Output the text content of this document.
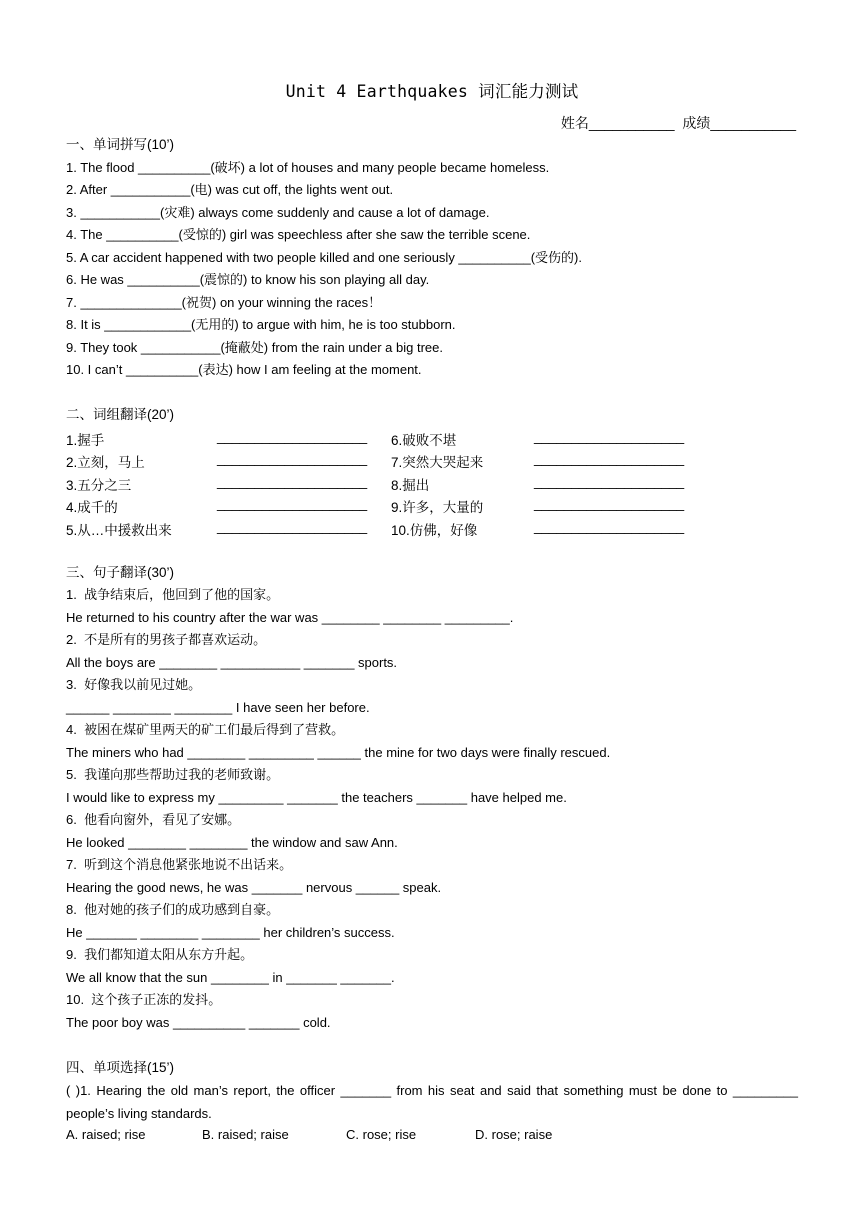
Unit 4 Earthquakes 词汇能力测试
姓名___________  成绩___________
一、单词拼写(10’)
1. The flood __________(破坏) a lot of houses and many people became homeless.
2. After ___________(电) was cut off, the lights went out.
3. ___________(灾难) always come suddenly and cause a lot of damage.
4. The __________(受惊的) girl was speechless after she saw the terrible scene.
5. A car accident happened with two people killed and one seriously __________(受伤的).
6. He was __________(震惊的) to know his son playing all day.
7. ______________(祝贺) on your winning the races！
8. It is ____________(无用的) to argue with him, he is too stubborn.
9. They took ___________(掩蔽处) from the rain under a big tree.
10. I can’t __________(表达) how I am feeling at the moment.
二、词组翻译(20’)
1.握手	____________________ 6.破败不堪	____________________
2.立刻，马上	____________________ 7.突然大哭起来	____________________
3.五分之三	____________________ 8.掘出	____________________
4.成千的	____________________ 9.许多，大量的	____________________
5.从…中援救出来	____________________ 10.仿佛，好像	____________________
三、句子翻译(30’)
1.  战争结束后，他回到了他的国家。
He returned to his country after the war was ________ ________ _________.
2.  不是所有的男孩子都喜欢运动。
All the boys are ________ ___________ _______ sports.
3.  好像我以前见过她。
______ ________ ________ I have seen her before.
4.  被困在煤矿里两天的矿工们最后得到了营救。
The miners who had ________ _________ ______ the mine for two days were finally rescued.
5.  我谨向那些帮助过我的老师致谢。
I would like to express my _________ _______ the teachers _______ have helped me.
6.  他看向窗外，看见了安娜。
He looked ________ ________ the window and saw Ann.
7.  听到这个消息他紧张地说不出话来。
Hearing the good news, he was _______ nervous ______ speak.
8.  他对她的孩子们的成功感到自豪。
He _______ ________ ________ her children’s success.
9.  我们都知道太阳从东方升起。
We all know that the sun ________ in _______ _______.
10.  这个孩子正冻的发抖。
The poor boy was __________ _______ cold.
四、单项选择(15’)
( )1. Hearing the old man’s report, the officer _______ from his seat and said that something must be done to _________ people’s living standards.
A. raised; rise	B. raised; raise	C. rose; rise	D. rose; raise
